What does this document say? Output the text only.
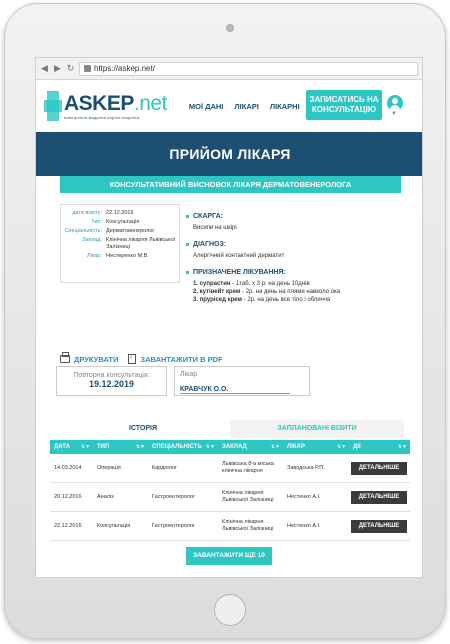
◀ ▶ ↻ https://askep.net/
ASKEP.net
електронна медична картка пацієнта
МОЇ ДАНІ ЛІКАРІ ЛІКАРНІ
ЗАПИСАТИСЬ НА КОНСУЛЬТАЦІЮ	▼
ПРИЙОМ ЛІКАРЯ
КОНСУЛЬТАТИВНИЙ ВИСНОВОК ЛІКАРЯ ДЕРМАТОВЕНЕРОЛОГА
дата візиту: 22.12.2016
Тип: Консультація
Спеціальність: Дерматовенеролог
Заклад: Клінічна лікарня Львівської Залізниці
Лікар: Нестеренко М.В.
СКАРГА:
Висипи на шкірі
ДІАГНОЗ:
Алергічний контактний дерматит
ПРИЗНАЧЕНЕ ЛІКУВАННЯ:
1. супрастин - 1таб. х 3 р. на день 10днів
2. кутівейт крем - 2р. на день на плями навколо ока
3. прурісед крем - 2р. на день все тіло і обличчя
ДРУКУВАТИ
↓	ЗАВАНТАЖИТИ В PDF
Повторна консультація:
19.12.2019
Лікар
КРАВЧУК О.О.
ІСТОРІЯ	ЗАПЛАНОВАНІ ВІЗИТИ
ДАТА ⇅▼	ТИП	⇅▼	СПЕЦІАЛЬНІСТЬ ⇅▼	ЗАКЛАД	⇅▼	ЛІКАР	⇅▼	ДІЇ	⇅▼
14.03.2014	Операція	Кардіолог
Львівська 8-а міська клінічна лікарня
Заводська Р.П.	ДЕТАЛЬНІШЕ
20.12.2016	Аналіз	Гастроентеролог
Клінічна лікарня Львівської Залізниці
Нестенко А.І.	ДЕТАЛЬНІШЕ
22.12.2016	Консультація	Гастроентеролог
Клінічна лікарня Львівської Залізниці
Нестенко А.І.	ДЕТАЛЬНІШЕ
ЗАВАНТАЖИТИ ЩЕ 10
